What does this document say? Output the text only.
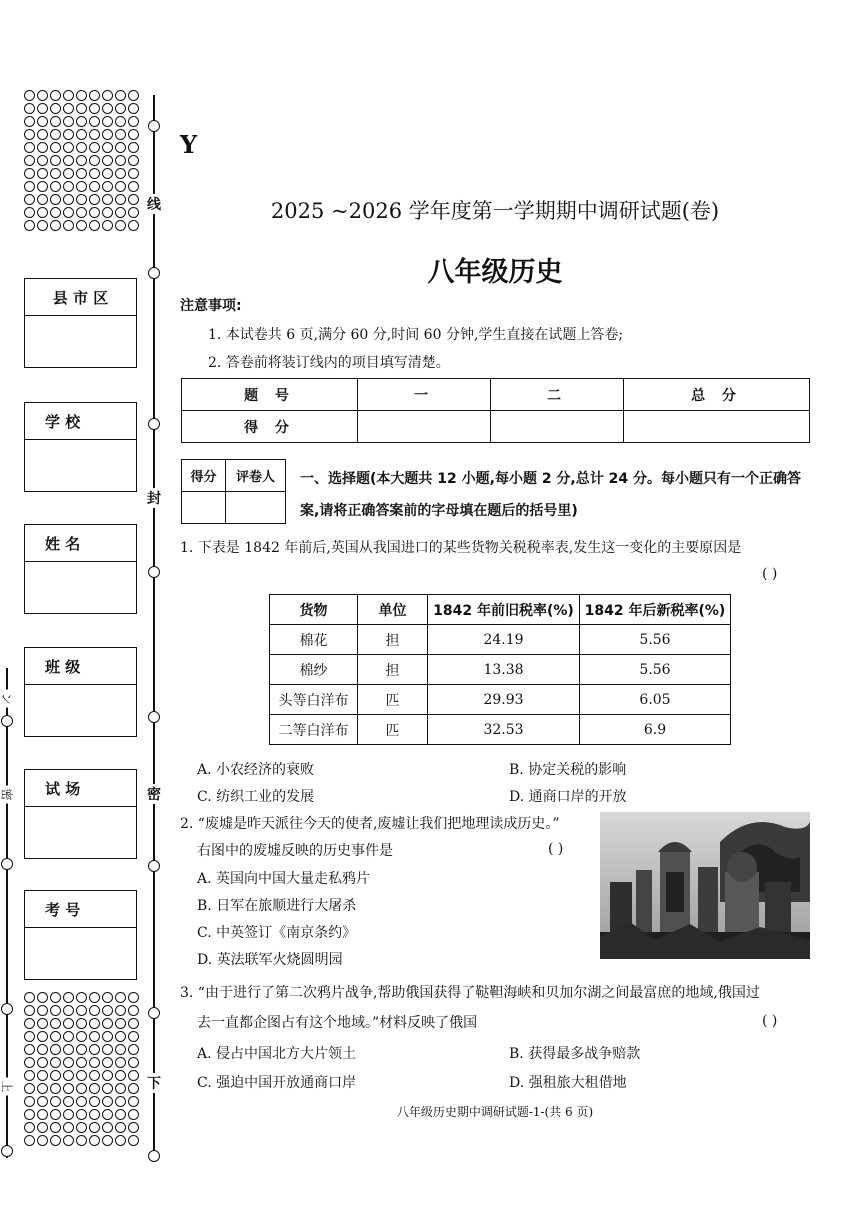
县 市 区
学 校
姓 名
班 级
试 场
考 号
线
封
密
下
ン
密
上
Y
2025 ~2026 学年度第一学期期中调研试题(卷)
八年级历史
注意事项:
1. 本试卷共 6 页,满分 60 分,时间 60 分钟,学生直接在试题上答卷;
2. 答卷前将装订线内的项目填写清楚。
题 号	一	二	总 分
得 分			
得分	评卷人
	一、选择题(本大题共 12 小题,每小题 2 分,总计 24 分。每小题只有一个正确答案,请将正确答案前的字母填在题后的括号里)
1. 下表是 1842 年前后,英国从我国进口的某些货物关税税率表,发生这一变化的主要原因是
( )
货物	单位	1842 年前旧税率(%)	1842 年后新税率(%)
棉花	担	24.19	5.56
棉纱	担	13.38	5.56
头等白洋布	匹	29.93	6.05
二等白洋布	匹	32.53	6.9
A. 小农经济的衰败	B. 协定关税的影响
C. 纺织工业的发展	D. 通商口岸的开放
2. “废墟是昨天派往今天的使者,废墟让我们把地理读成历史。”
右图中的废墟反映的历史事件是	( )
A. 英国向中国大量走私鸦片
B. 日军在旅顺进行大屠杀
C. 中英签订《南京条约》
D. 英法联军火烧圆明园
3. “由于进行了第二次鸦片战争,帮助俄国获得了鞑靼海峡和贝加尔湖之间最富庶的地域,俄国过
去一直都企图占有这个地域。”材料反映了俄国	( )
A. 侵占中国北方大片领土	B. 获得最多战争赔款
C. 强迫中国开放通商口岸	D. 强租旅大租借地
八年级历史期中调研试题-1-(共 6 页)
